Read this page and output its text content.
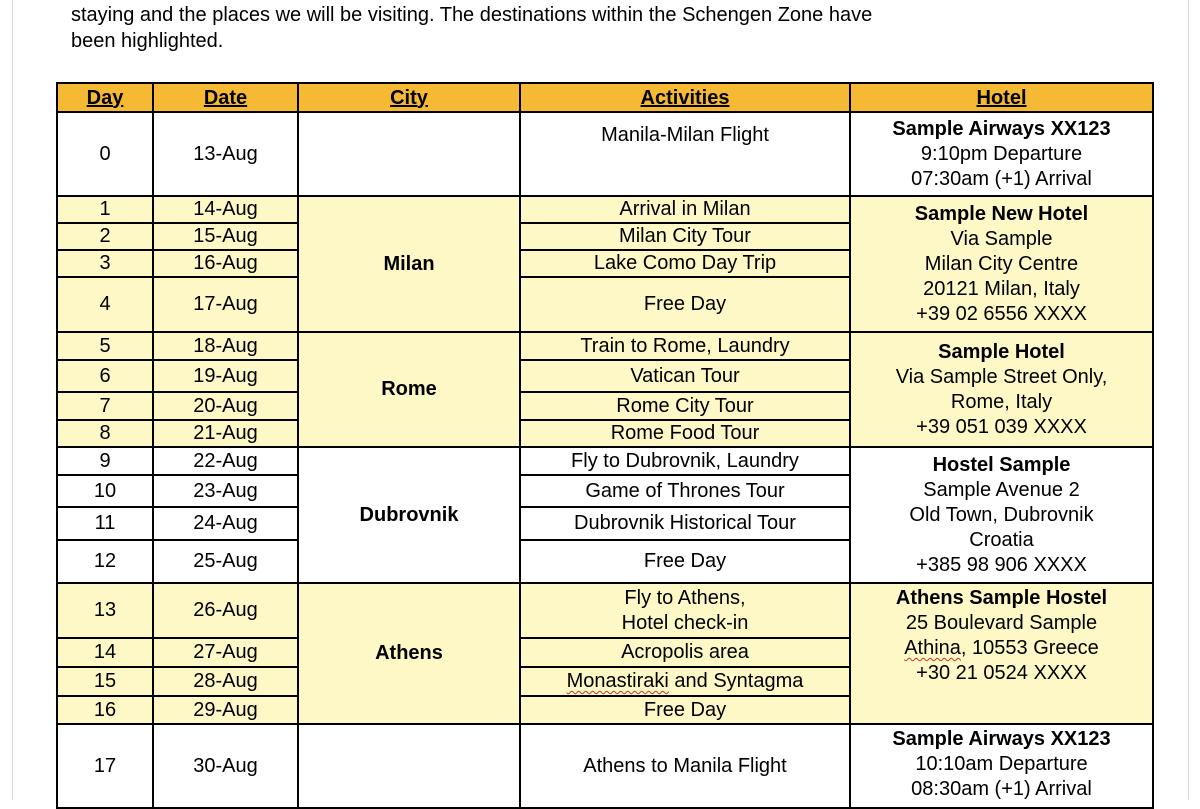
staying and the places we will be visiting. The destinations within the Schengen Zone have

been highlighted.

Day	Date	City	Activities	Hotel
0	13-Aug		Manila-Milan Flight	Sample Airways XX123
9:10pm Departure
07:30am (+1) Arrival

1	14-Aug	Milan	Arrival in Milan	Sample New Hotel
Via Sample
Milan City Centre
20121 Milan, Italy
+39 02 6556 XXXX

2	15-Aug		Milan City Tour	
3	16-Aug		Lake Como Day Trip	
4	17-Aug		Free Day	
5	18-Aug	Rome	Train to Rome, Laundry	Sample Hotel
Via Sample Street Only,
Rome, Italy
+39 051 039 XXXX

6	19-Aug		Vatican Tour	
7	20-Aug		Rome City Tour	
8	21-Aug		Rome Food Tour	
9	22-Aug	Dubrovnik	Fly to Dubrovnik, Laundry	Hostel Sample
Sample Avenue 2
Old Town, Dubrovnik
Croatia
+385 98 906 XXXX

10	23-Aug		Game of Thrones Tour	
11	24-Aug		Dubrovnik Historical Tour	
12	25-Aug		Free Day	
13	26-Aug	Athens	Fly to Athens,
Hotel check-in	Athens Sample Hostel
25 Boulevard Sample
Athina, 10553 Greece
+30 21 0524 XXXX

14	27-Aug		Acropolis area	
15	28-Aug		Monastiraki and Syntagma	
16	29-Aug		Free Day	
17	30-Aug		Athens to Manila Flight	Sample Airways XX123
10:10am Departure
08:30am (+1) Arrival
